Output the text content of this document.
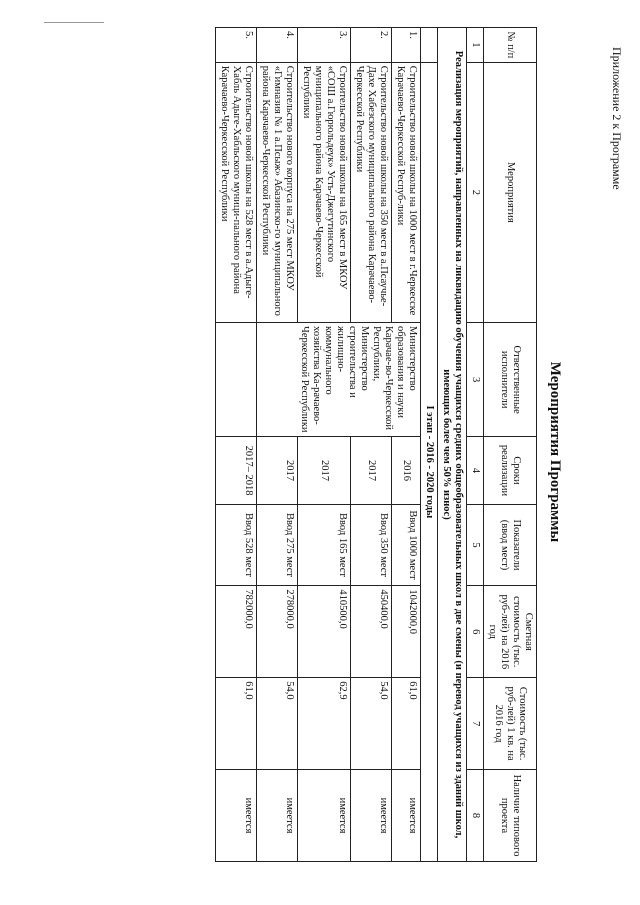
Приложение 2 к Программе
Мероприятия Программы
№ п/п	Мероприятия	Ответственные исполнители	Сроки реализации	Показатели (ввод мест)	Сметная стоимость (тыс. руб-лей) на 2016 год	Стоимость (тыс. руб-лей) 1 кв. на 2016 год	Наличие типового проекта
1	2	3	4	5	6	7	8
Реализация мероприятий, направленных на ликвидацию обучения учащихся средних общеобразовательных школ в две смены (и перевод учащихся из зданий школ, имеющих более чем 50% износ)							
	I этап - 2016 - 2020 годы						
1.	Строительство новой школы на 1000 мест в г.Черкесске Карачаево-Черкесской Респуб-лики	Министерство образования и науки Карачае-во-Черкесской Республики, Министерство строительства и жилищно-коммунального хозяйства Ка-рачаево-Черкесской Республики	2016	Ввод 1000 мест	1042000,0	61,0	имеется
2.	Строительство новой школы на 350 мест в а.Псаучье-Дахе Хабезского муниципального района Карачаево-Черкесской Республики		2017	Ввод 350 мест	450400,0	54,0	имеется
3.	Строительство новой школы на 165 мест в МКОУ «СОШ а.Гюрюльдеук» Усть-Джегутинского муниципального района Карачаево-Черкесской Республики		2017	Ввод 165 мест	410500,0	62,9	имеется
4.	Строительство нового корпуса на 275 мест МКОУ «Гимназия № 1 а.Псыж» Абазинско-го муниципального района Карачаево-Черкесской Республики		2017	Ввод 275 мест	278000,0	54,0	имеется
5.	Строительство новой школы на 528 мест в а.Адыге-Хабль Адыге-Хабльского муници-пального района Карачаево-Черкесской Республики		2017– 2018	Ввод 528 мест	782000,0	61,0	имеется
